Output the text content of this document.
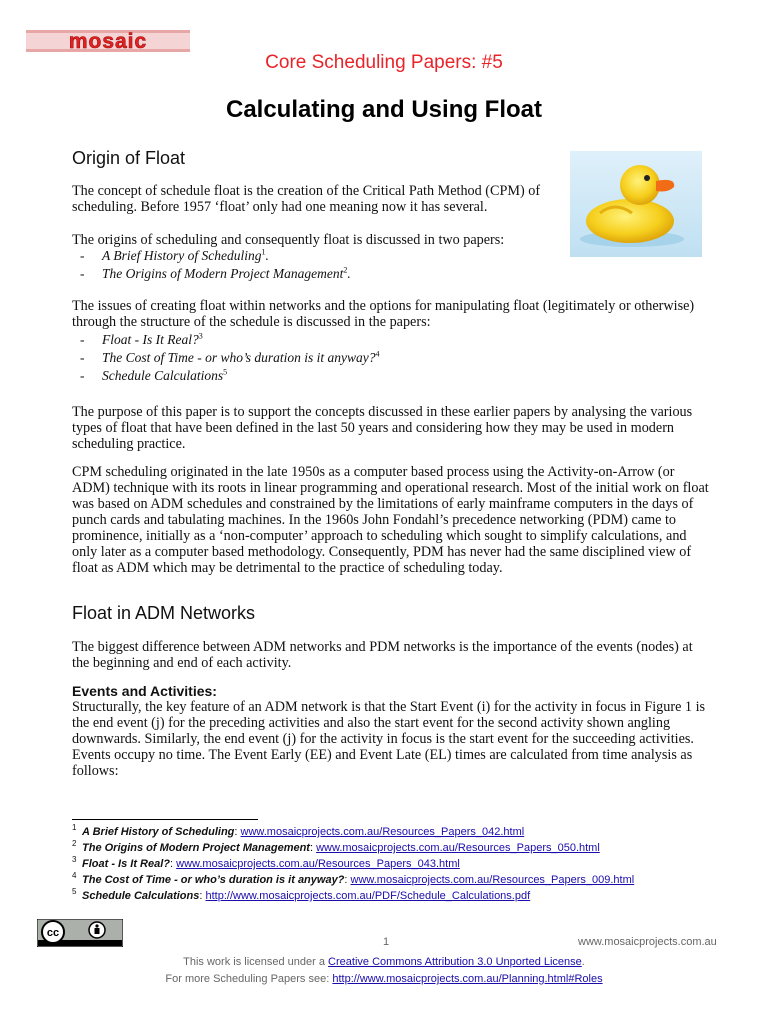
mosaic
Core Scheduling Papers: #5
Calculating and Using Float
Origin of Float
The concept of schedule float is the creation of the Critical Path Method (CPM) of scheduling. Before 1957 ‘float’ only had one meaning now it has several.
The origins of scheduling and consequently float is discussed in two papers:
- A Brief History of Scheduling$^1$.
- The Origins of Modern Project Management$^2$.
The issues of creating float within networks and the options for manipulating float (legitimately or otherwise) through the structure of the schedule is discussed in the papers:
- Float - Is It Real?$^3$
- The Cost of Time - or who’s duration is it anyway?$^4$
- Schedule Calculations$^5$
The purpose of this paper is to support the concepts discussed in these earlier papers by analysing the various types of float that have been defined in the last 50 years and considering how they may be used in modern scheduling practice.
CPM scheduling originated in the late 1950s as a computer based process using the Activity-on-Arrow (or ADM) technique with its roots in linear programming and operational research. Most of the initial work on float was based on ADM schedules and constrained by the limitations of early mainframe computers in the days of punch cards and tabulating machines. In the 1960s John Fondahl’s precedence networking (PDM) came to prominence, initially as a ‘non-computer’ approach to scheduling which sought to simplify calculations, and only later as a computer based methodology. Consequently, PDM has never had the same disciplined view of float as ADM which may be detrimental to the practice of scheduling today.
Float in ADM Networks
The biggest difference between ADM networks and PDM networks is the importance of the events (nodes) at the beginning and end of each activity.
Events and Activities:
Structurally, the key feature of an ADM network is that the Start Event (i) for the activity in focus in Figure 1 is the end event (j) for the preceding activities and also the start event for the second activity shown angling downwards. Similarly, the end event (j) for the activity in focus is the start event for the succeeding activities. Events occupy no time. The Event Early (EE) and Event Late (EL) times are calculated from time analysis as follows:
1 A Brief History of Scheduling: www.mosaicprojects.com.au/Resources_Papers_042.html
2 The Origins of Modern Project Management: www.mosaicprojects.com.au/Resources_Papers_050.html
3 Float - Is It Real?: www.mosaicprojects.com.au/Resources_Papers_043.html
4 The Cost of Time - or who’s duration is it anyway?: www.mosaicprojects.com.au/Resources_Papers_009.html
5 Schedule Calculations: http://www.mosaicprojects.com.au/PDF/Schedule_Calculations.pdf
cc
1	www.mosaicprojects.com.au
This work is licensed under a Creative Commons Attribution 3.0 Unported License.
For more Scheduling Papers see: http://www.mosaicprojects.com.au/Planning.html#Roles
